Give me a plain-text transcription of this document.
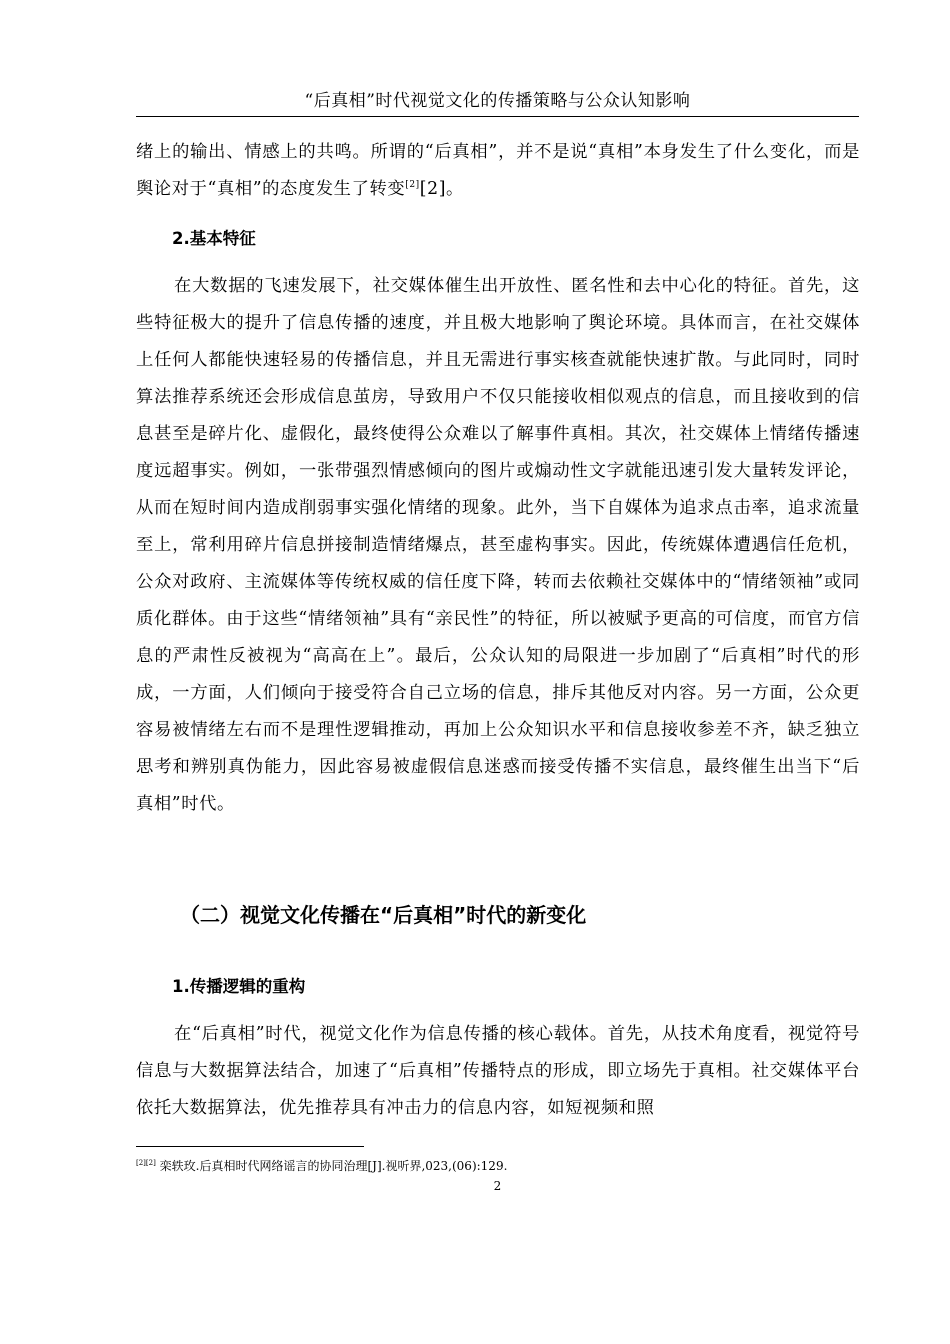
“后真相”时代视觉文化的传播策略与公众认知影响

绪上的输出、情感上的共鸣。所谓的“后真相”，并不是说“真相”本身发生了什么变化，而是舆论对于“真相”的态度发生了转变[2][2]。

2.基本特征

在大数据的飞速发展下，社交媒体催生出开放性、匿名性和去中心化的特征。首先，这些特征极大的提升了信息传播的速度，并且极大地影响了舆论环境。具体而言，在社交媒体上任何人都能快速轻易的传播信息，并且无需进行事实核查就能快速扩散。与此同时，同时算法推荐系统还会形成信息茧房，导致用户不仅只能接收相似观点的信息，而且接收到的信息甚至是碎片化、虚假化，最终使得公众难以了解事件真相。其次，社交媒体上情绪传播速度远超事实。例如，一张带强烈情感倾向的图片或煽动性文字就能迅速引发大量转发评论，从而在短时间内造成削弱事实强化情绪的现象。此外，当下自媒体为追求点击率，追求流量至上，常利用碎片信息拼接制造情绪爆点，甚至虚构事实。因此，传统媒体遭遇信任危机，公众对政府、主流媒体等传统权威的信任度下降，转而去依赖社交媒体中的“情绪领袖”或同质化群体。由于这些“情绪领袖”具有“亲民性”的特征，所以被赋予更高的可信度，而官方信息的严肃性反被视为“高高在上”。最后，公众认知的局限进一步加剧了“后真相”时代的形成，一方面，人们倾向于接受符合自己立场的信息，排斥其他反对内容。另一方面，公众更容易被情绪左右而不是理性逻辑推动，再加上公众知识水平和信息接收参差不齐，缺乏独立思考和辨别真伪能力，因此容易被虚假信息迷惑而接受传播不实信息，最终催生出当下“后真相”时代。

（二）视觉文化传播在“后真相”时代的新变化
1.传播逻辑的重构

在“后真相”时代，视觉文化作为信息传播的核心载体。首先，从技术角度看，视觉符号信息与大数据算法结合，加速了“后真相”传播特点的形成，即立场先于真相。社交媒体平台依托大数据算法，优先推荐具有冲击力的信息内容，如短视频和照

[2][2] 栾轶玫.后真相时代网络谣言的协同治理[J].视听界,023,(06):129.
2
